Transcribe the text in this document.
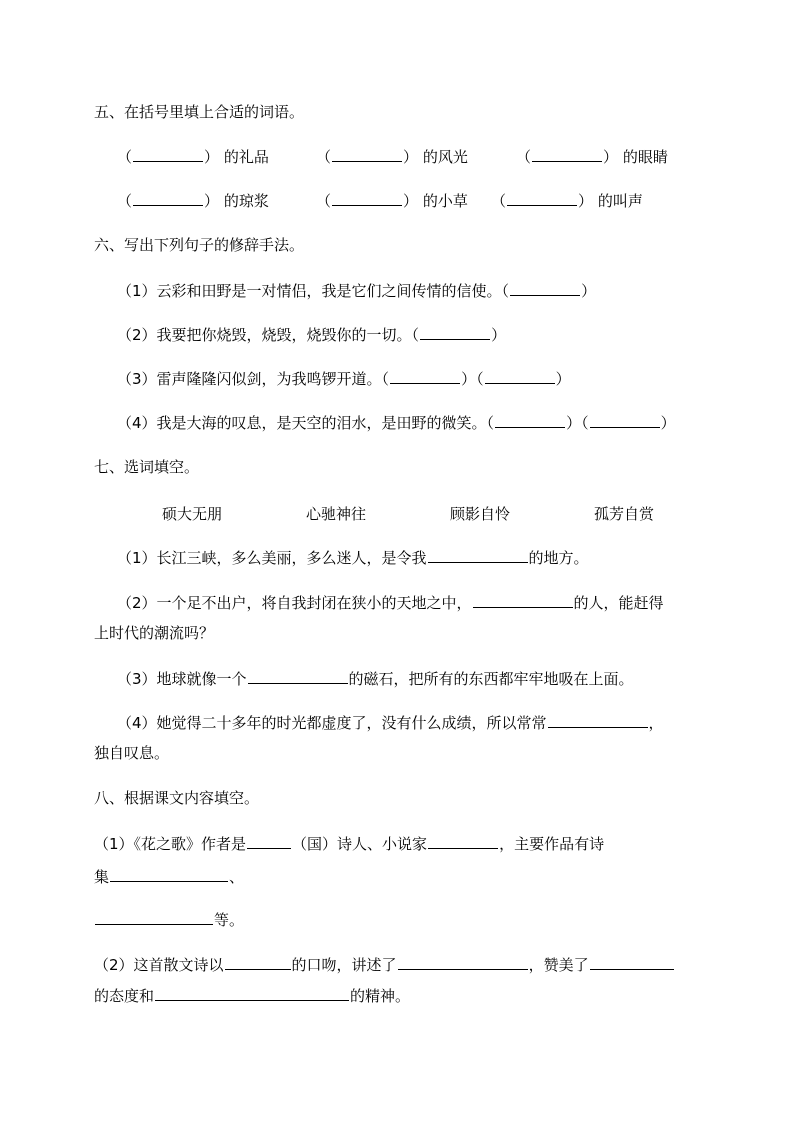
五、在括号里填上合适的词语。
（	） 的礼品	（	） 的风光	（	） 的眼睛
（	） 的琼浆	（	） 的小草 （	） 的叫声
六、写出下列句子的修辞手法。
（1）云彩和田野是一对情侣，我是它们之间传情的信使。（	）
（2）我要把你烧毁，烧毁，烧毁你的一切。（	）
（3）雷声隆隆闪似剑，为我鸣锣开道。（	）（	）
（4）我是大海的叹息，是天空的泪水，是田野的微笑。（	）（	）
七、选词填空。
硕大无朋	心驰神往	顾影自怜	孤芳自赏
（1）长江三峡，多么美丽，多么迷人，是令我	的地方。
（2）一个足不出户，将自我封闭在狭小的天地之中，	的人，能赶得
上时代的潮流吗？
（3）地球就像一个	的磁石，把所有的东西都牢牢地吸在上面。
（4）她觉得二十多年的时光都虚度了，没有什么成绩，所以常常	，
独自叹息。
八、根据课文内容填空。
（1）《花之歌》作者是	（国）诗人、小说家	，主要作品有诗
集	、
等。
（2）这首散文诗以	的口吻，讲述了	，赞美了
的态度和	的精神。
